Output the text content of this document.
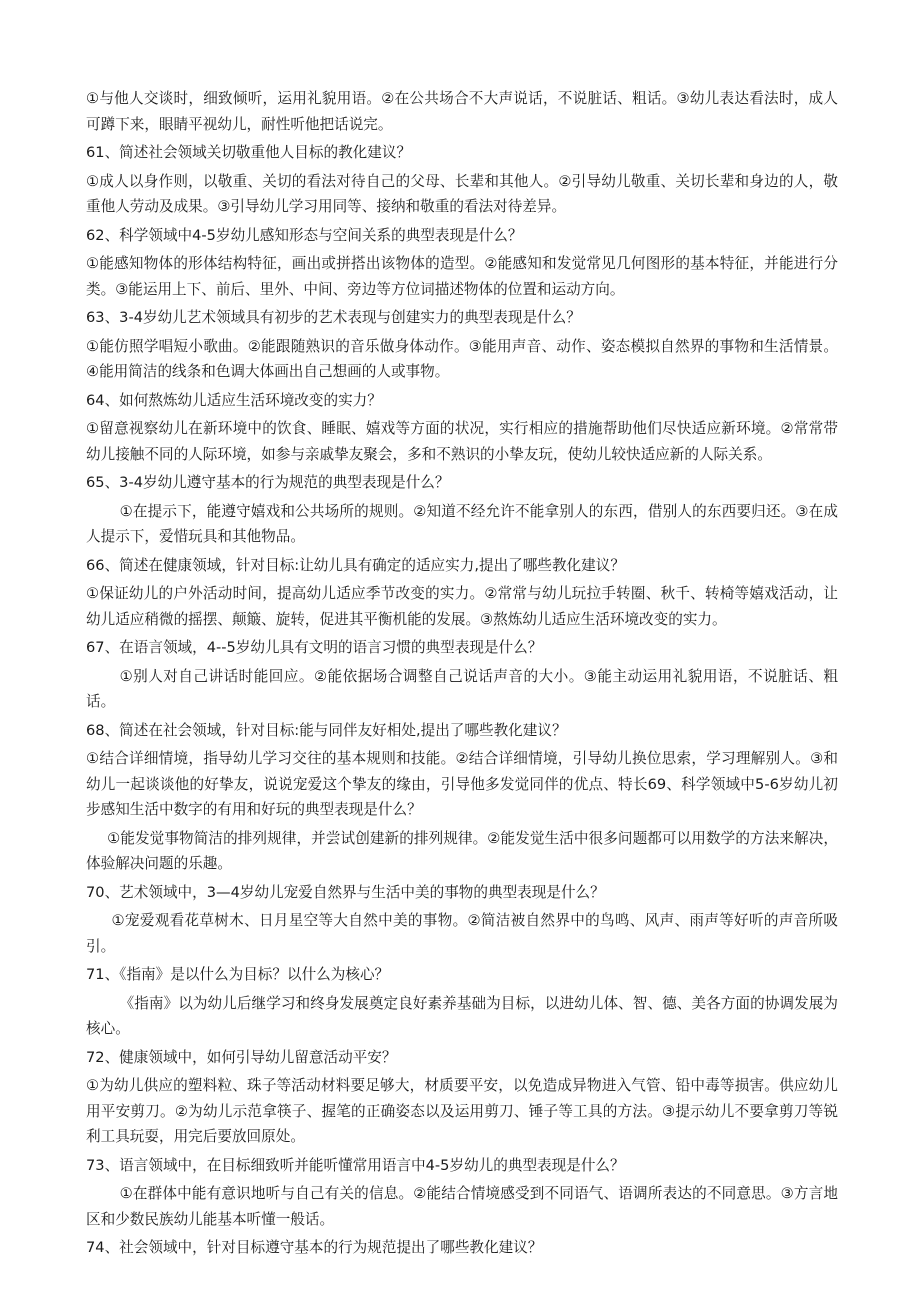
①与他人交谈时，细致倾听，运用礼貌用语。②在公共场合不大声说话，不说脏话、粗话。③幼儿表达看法时，成人可蹲下来，眼睛平视幼儿，耐性听他把话说完。

61、简述社会领域关切敬重他人目标的教化建议？

①成人以身作则，以敬重、关切的看法对待自己的父母、长辈和其他人。②引导幼儿敬重、关切长辈和身边的人，敬重他人劳动及成果。③引导幼儿学习用同等、接纳和敬重的看法对待差异。

62、科学领域中4-5岁幼儿感知形态与空间关系的典型表现是什么？

①能感知物体的形体结构特征，画出或拼搭出该物体的造型。②能感知和发觉常见几何图形的基本特征，并能进行分类。③能运用上下、前后、里外、中间、旁边等方位词描述物体的位置和运动方向。

63、3-4岁幼儿艺术领域具有初步的艺术表现与创建实力的典型表现是什么？

①能仿照学唱短小歌曲。②能跟随熟识的音乐做身体动作。③能用声音、动作、姿态模拟自然界的事物和生活情景。④能用简洁的线条和色调大体画出自己想画的人或事物。

64、如何熬炼幼儿适应生活环境改变的实力？

①留意视察幼儿在新环境中的饮食、睡眠、嬉戏等方面的状况，实行相应的措施帮助他们尽快适应新环境。②常常带幼儿接触不同的人际环境，如参与亲戚挚友聚会，多和不熟识的小挚友玩，使幼儿较快适应新的人际关系。

65、3-4岁幼儿遵守基本的行为规范的典型表现是什么？

①在提示下，能遵守嬉戏和公共场所的规则。②知道不经允许不能拿别人的东西，借别人的东西要归还。③在成人提示下，爱惜玩具和其他物品。

66、简述在健康领域，针对目标:让幼儿具有确定的适应实力,提出了哪些教化建议？

①保证幼儿的户外活动时间，提高幼儿适应季节改变的实力。②常常与幼儿玩拉手转圈、秋千、转椅等嬉戏活动，让幼儿适应稍微的摇摆、颠簸、旋转，促进其平衡机能的发展。③熬炼幼儿适应生活环境改变的实力。

67、在语言领域，4--5岁幼儿具有文明的语言习惯的典型表现是什么？

①别人对自己讲话时能回应。②能依据场合调整自己说话声音的大小。③能主动运用礼貌用语，不说脏话、粗话。

68、简述在社会领域，针对目标:能与同伴友好相处,提出了哪些教化建议？

①结合详细情境，指导幼儿学习交往的基本规则和技能。②结合详细情境，引导幼儿换位思索，学习理解别人。③和幼儿一起谈谈他的好挚友，说说宠爱这个挚友的缘由，引导他多发觉同伴的优点、特长69、科学领域中5-6岁幼儿初步感知生活中数字的有用和好玩的典型表现是什么？

①能发觉事物简洁的排列规律，并尝试创建新的排列规律。②能发觉生活中很多问题都可以用数学的方法来解决，体验解决问题的乐趣。

70、艺术领域中，3—4岁幼儿宠爱自然界与生活中美的事物的典型表现是什么？

①宠爱观看花草树木、日月星空等大自然中美的事物。②简洁被自然界中的鸟鸣、风声、雨声等好听的声音所吸引。

71、《指南》是以什么为目标？以什么为核心？

《指南》以为幼儿后继学习和终身发展奠定良好素养基础为目标，以进幼儿体、智、德、美各方面的协调发展为核心。

72、健康领域中，如何引导幼儿留意活动平安？

①为幼儿供应的塑料粒、珠子等活动材料要足够大，材质要平安，以免造成异物进入气管、铅中毒等损害。供应幼儿用平安剪刀。②为幼儿示范拿筷子、握笔的正确姿态以及运用剪刀、锤子等工具的方法。③提示幼儿不要拿剪刀等锐利工具玩耍，用完后要放回原处。

73、语言领域中，在目标细致听并能听懂常用语言中4-5岁幼儿的典型表现是什么？

①在群体中能有意识地听与自己有关的信息。②能结合情境感受到不同语气、语调所表达的不同意思。③方言地区和少数民族幼儿能基本听懂一般话。

74、社会领域中，针对目标遵守基本的行为规范提出了哪些教化建议？
